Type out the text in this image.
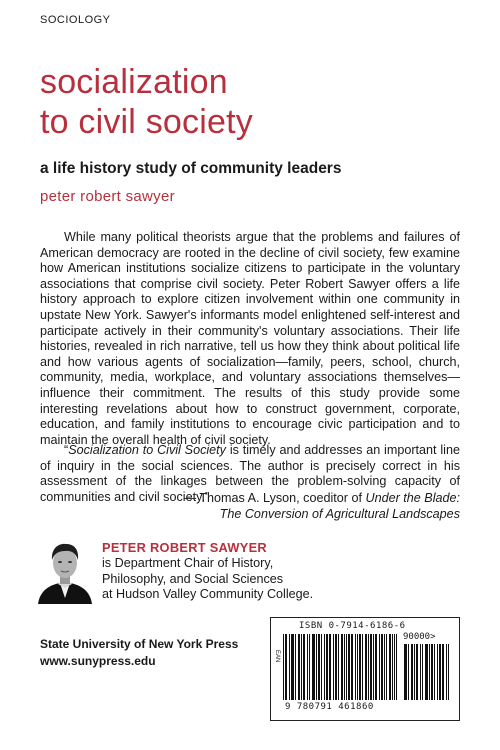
SOCIOLOGY
socialization
to civil society
a life history study of community leaders
peter robert sawyer

While many political theorists argue that the problems and failures of American democracy are rooted in the decline of civil society, few examine how American institutions socialize citizens to participate in the voluntary associations that comprise civil society. Peter Robert Sawyer offers a life history approach to explore citizen involvement within one community in upstate New York. Sawyer's informants model enlightened self-interest and participate actively in their community's voluntary associations. Their life histories, revealed in rich narrative, tell us how they think about political life and how various agents of socialization—family, peers, school, church, community, media, workplace, and voluntary associations themselves—influence their commitment. The results of this study provide some interesting revelations about how to construct government, corporate, education, and family institutions to encourage civic participation and to maintain the overall health of civil society.

“Socialization to Civil Society is timely and addresses an important line of inquiry in the social sciences. The author is precisely correct in his assessment of the linkages between the problem-solving capacity of communities and civil society.”

— Thomas A. Lyson, coeditor of Under the Blade:
The Conversion of Agricultural Landscapes
PETER ROBERT SAWYER
is Department Chair of History,
Philosophy, and Social Sciences
at Hudson Valley Community College.
State University of New York Press
www.sunypress.edu
ISBN 0-7914-6186-6
90000>
EAN
9 780791 461860
